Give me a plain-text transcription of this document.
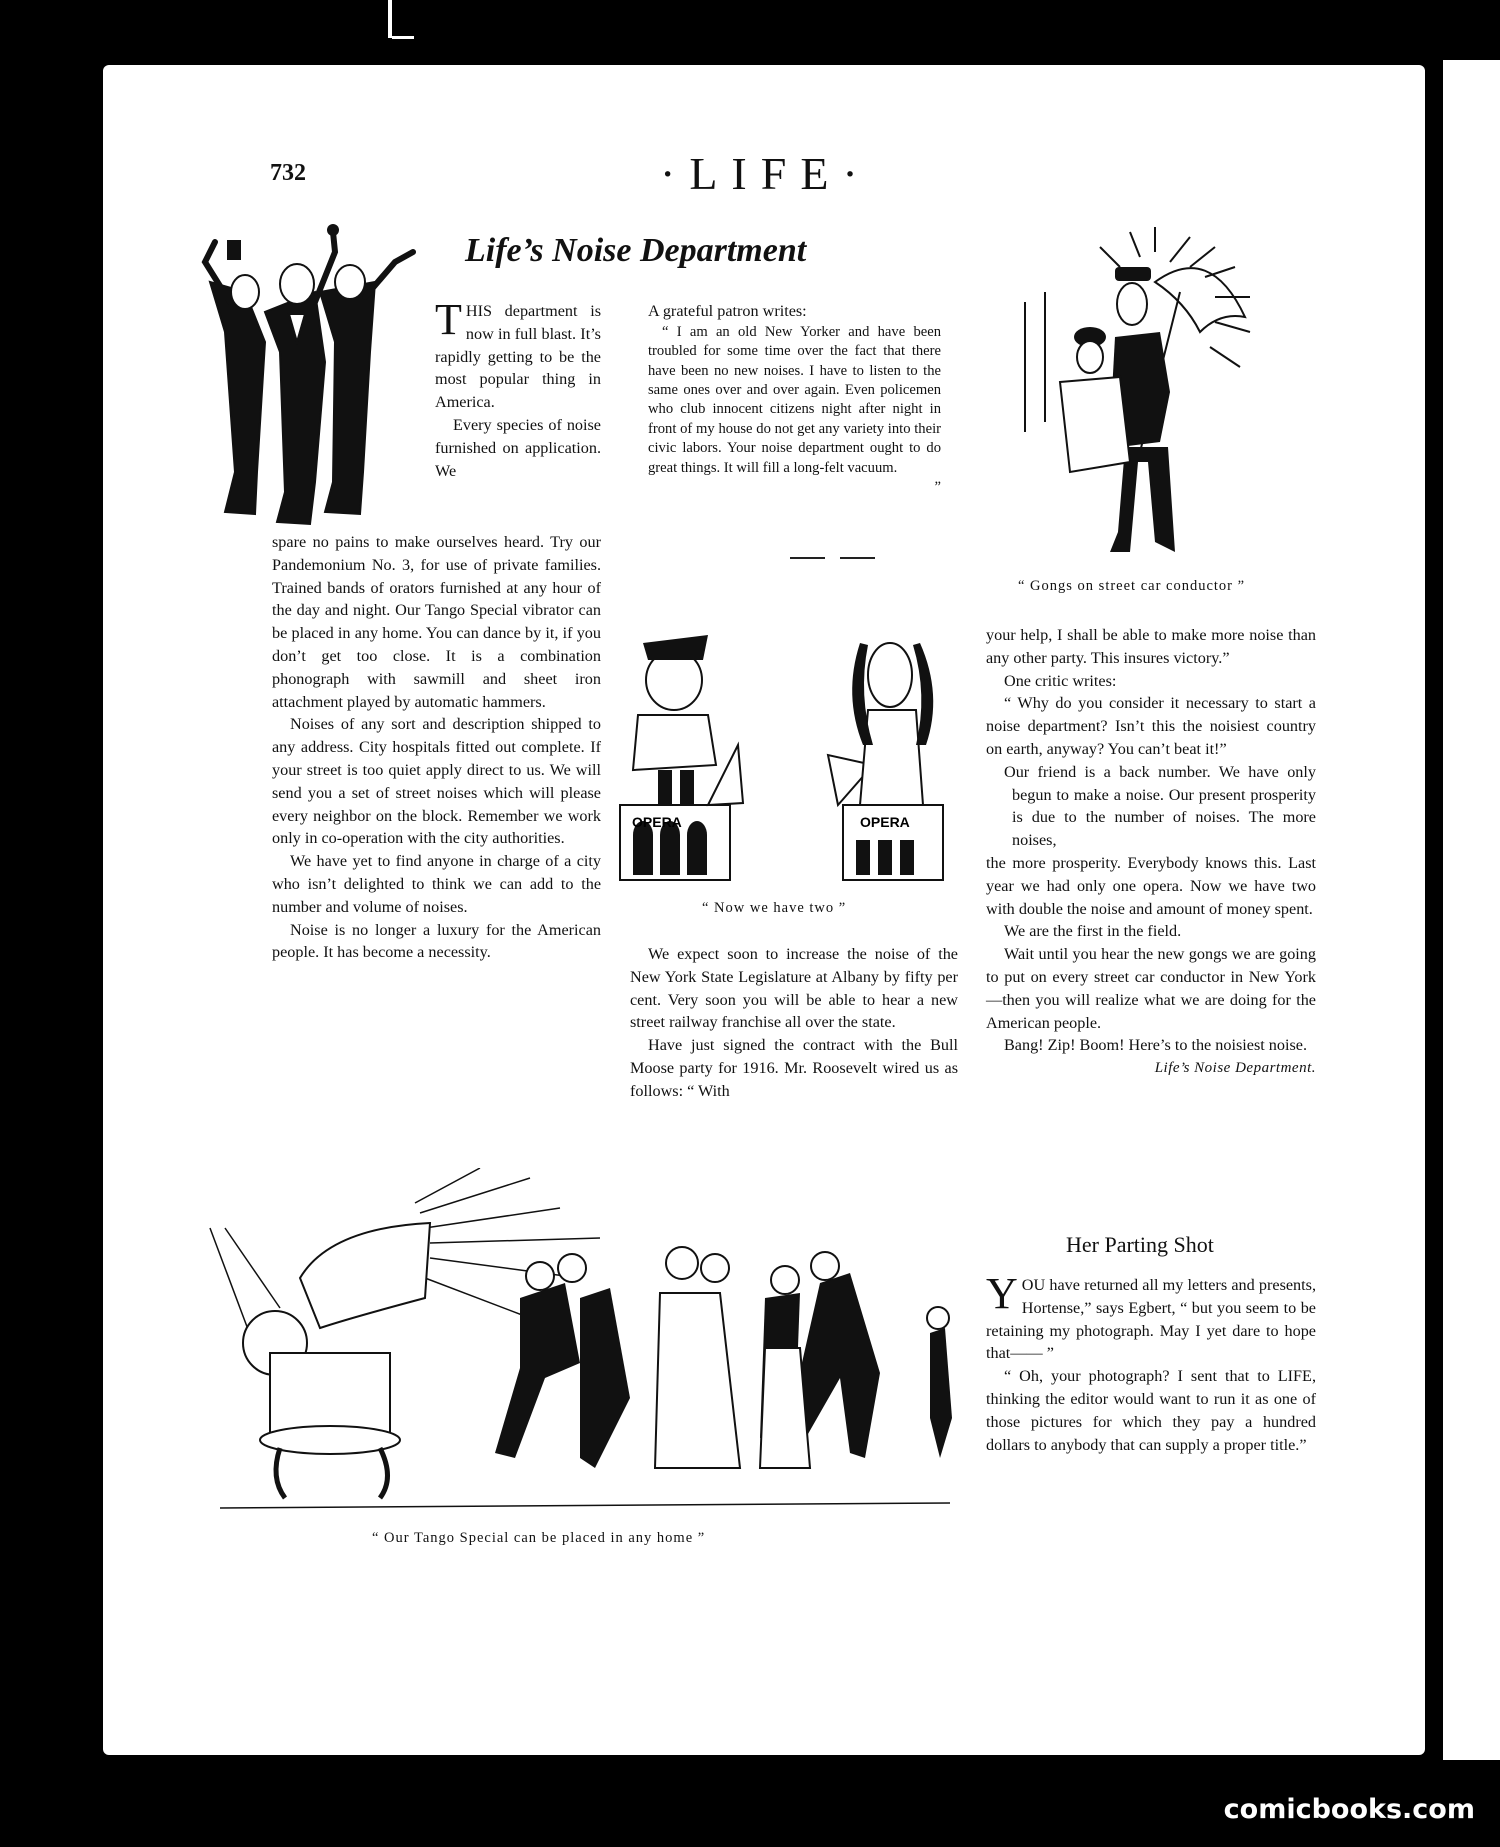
732	·LIFE·
Life’s Noise Department
T HIS department is now in full blast. It’s rapidly getting to be the most popular thing in America.

Every species of noise furnished on application. We

spare no pains to make ourselves heard. Try our Pandemonium No. 3, for use of private families. Trained bands of orators furnished at any hour of the day and night. Our Tango Special vibrator can be placed in any home. You can dance by it, if you don’t get too close. It is a combination phonograph with sawmill and sheet iron attachment played by automatic hammers.

Noises of any sort and description shipped to any address. City hospitals fitted out complete. If your street is too quiet apply direct to us. We will send you a set of street noises which will please every neighbor on the block. Remember we work only in co-operation with the city authorities.

We have yet to find anyone in charge of a city who isn’t delighted to think we can add to the number and volume of noises.

Noise is no longer a luxury for the American people. It has become a necessity.

A grateful patron writes:

“ I am an old New Yorker and have been troubled for some time over the fact that there have been no new noises. I have to listen to the same ones over and over again. Even policemen who club innocent citizens night after night in front of my house do not get any variety into their civic labors. Your noise department ought to do great things. It will fill a long-felt vacuum.
”
“ Gongs on street car conductor ”
OPERA	OPERA
“ Now we have two ”

We expect soon to increase the noise of the New York State Legislature at Albany by fifty per cent. Very soon you will be able to hear a new street railway franchise all over the state.

Have just signed the contract with the Bull Moose party for 1916. Mr. Roosevelt wired us as follows: “ With

your help, I shall be able to make more noise than any other party. This insures victory.”

One critic writes:

“ Why do you consider it necessary to start a noise department? Isn’t this the noisiest country on earth, anyway? You can’t beat it!”

Our friend is a back number. We have only begun to make a noise. Our present prosperity is due to the number of noises. The more noises,

the more prosperity. Everybody knows this. Last year we had only one opera. Now we have two with double the noise and amount of money spent.

We are the first in the field.

Wait until you hear the new gongs we are going to put on every street car conductor in New York—then you will realize what we are doing for the American people.

Bang! Zip! Boom! Here’s to the noisiest noise.

Life’s Noise Department.
“ Our Tango Special can be placed in any home ”
Her Parting Shot
Y OU have returned all my letters and presents, Hortense,” says Egbert, “ but you seem to be retaining my photograph. May I yet dare to hope that—— ”

“ Oh, your photograph? I sent that to LIFE, thinking the editor would want to run it as one of those pictures for which they pay a hundred dollars to anybody that can supply a proper title.”

comicbooks.com
